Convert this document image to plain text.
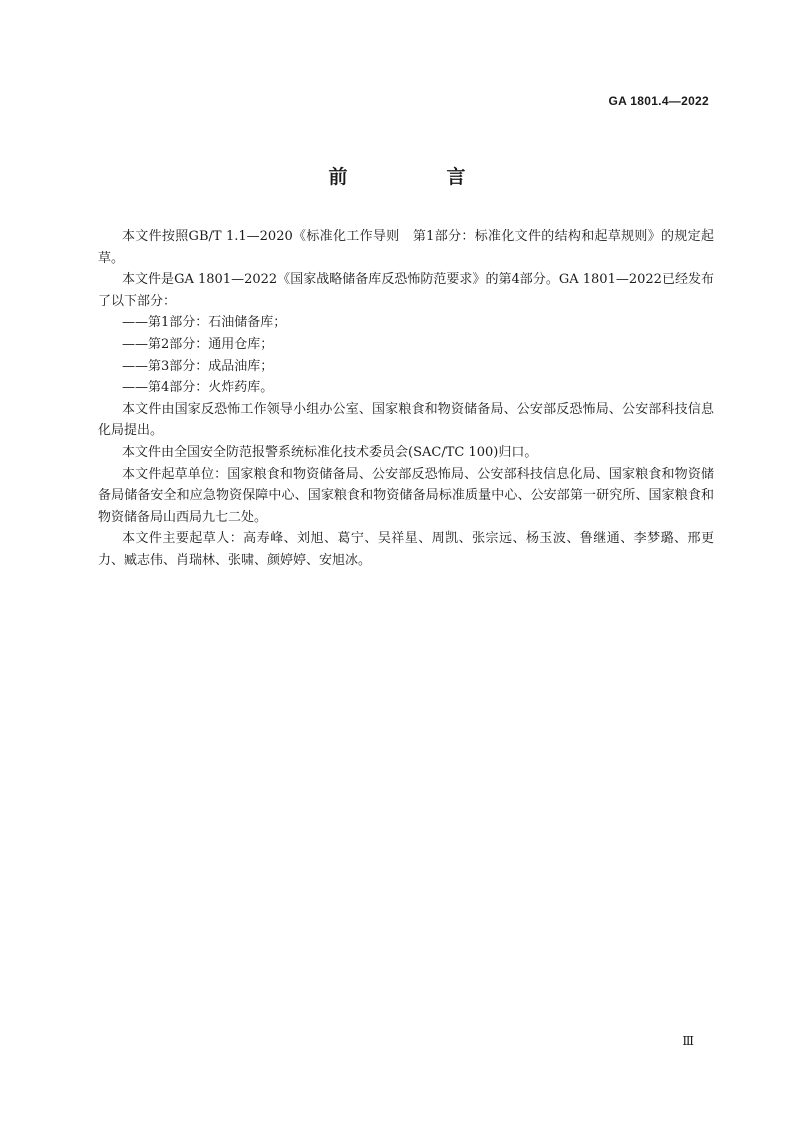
GA 1801.4—2022
前　言

本文件按照GB/T 1.1—2020《标准化工作导则　第1部分：标准化文件的结构和起草规则》的规定起草。

本文件是GA 1801—2022《国家战略储备库反恐怖防范要求》的第4部分。GA 1801—2022已经发布了以下部分：

——第1部分：石油储备库；

——第2部分：通用仓库；

——第3部分：成品油库；

——第4部分：火炸药库。

本文件由国家反恐怖工作领导小组办公室、国家粮食和物资储备局、公安部反恐怖局、公安部科技信息化局提出。

本文件由全国安全防范报警系统标准化技术委员会(SAC/TC 100)归口。

本文件起草单位：国家粮食和物资储备局、公安部反恐怖局、公安部科技信息化局、国家粮食和物资储备局储备安全和应急物资保障中心、国家粮食和物资储备局标准质量中心、公安部第一研究所、国家粮食和物资储备局山西局九七二处。

本文件主要起草人：高寿峰、刘旭、葛宁、吴祥星、周凯、张宗远、杨玉波、鲁继通、李梦璐、邢更力、臧志伟、肖瑞林、张啸、颜婷婷、安旭冰。

Ⅲ
